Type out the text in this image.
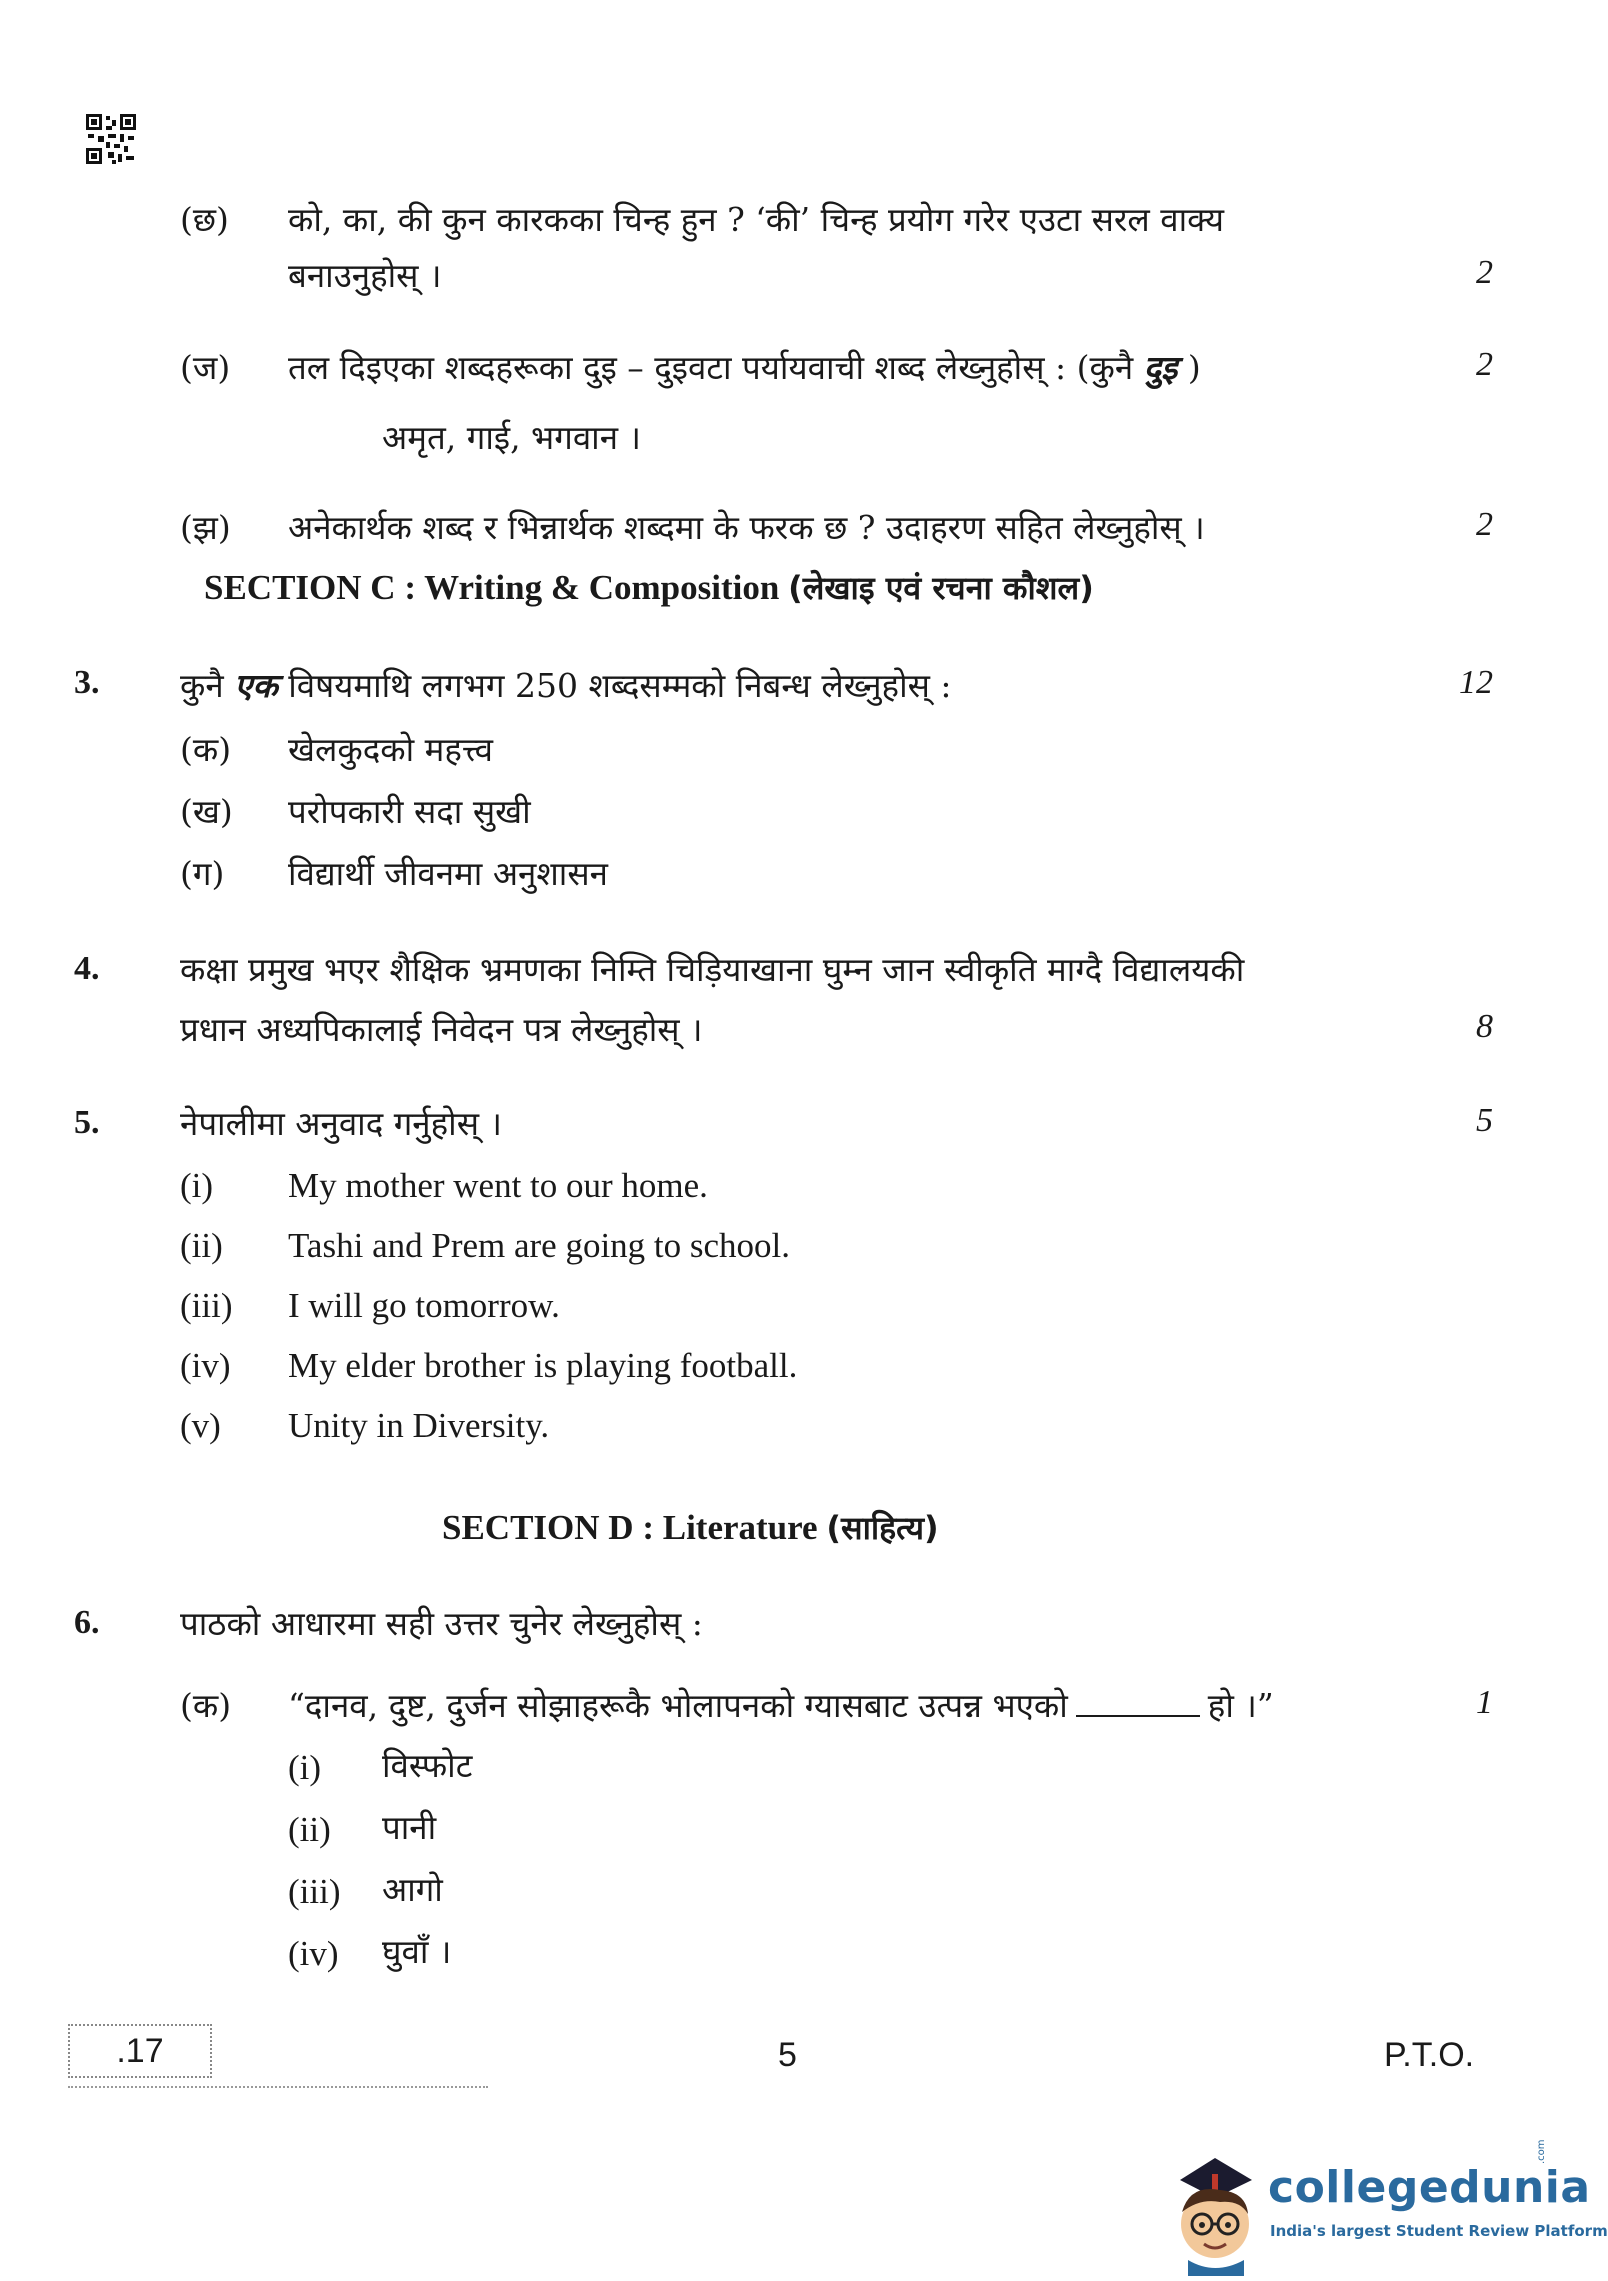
(छ) को, का, की कुन कारकका चिन्ह हुन ? ‘की’ चिन्ह प्रयोग गरेर एउटा सरल वाक्य
बनाउनुहोस् ।	2
(ज) तल दिइएका शब्दहरूका दुइ – दुइवटा पर्यायवाची शब्द लेख्नुहोस् : (कुनै दुइ )	2
अमृत, गाई, भगवान ।
(झ) अनेकार्थक शब्द र भिन्नार्थक शब्दमा के फरक छ ? उदाहरण सहित लेख्नुहोस् ।	2
SECTION C : Writing & Composition (लेखाइ एवं रचना कौशल)
3. कुनै एक विषयमाथि लगभग 250 शब्दसम्मको निबन्ध लेख्नुहोस् :	12
(क) खेलकुदको महत्त्व
(ख) परोपकारी सदा सुखी
(ग) विद्यार्थी जीवनमा अनुशासन
4. कक्षा प्रमुख भएर शैक्षिक भ्रमणका निम्ति चिड़ियाखाना घुम्न जान स्वीकृति माग्दै विद्यालयकी
प्रधान अध्यपिकालाई निवेदन पत्र लेख्नुहोस् ।	8
5. नेपालीमा अनुवाद गर्नुहोस् ।	5
(i) My mother went to our home.
(ii) Tashi and Prem are going to school.
(iii) I will go tomorrow.
(iv) My elder brother is playing football.
(v) Unity in Diversity.
SECTION D : Literature (साहित्य)
6. पाठको आधारमा सही उत्तर चुनेर लेख्नुहोस् :
(क) “दानव, दुष्ट, दुर्जन सोझाहरूकै भोलापनको ग्यासबाट उत्पन्न भएको	हो ।”	1
(i) विस्फोट
(ii) पानी
(iii) आगो
(iv) घुवाँ ।
.17	5	P.T.O.
collegedunia
.com
India's largest Student Review Platform
